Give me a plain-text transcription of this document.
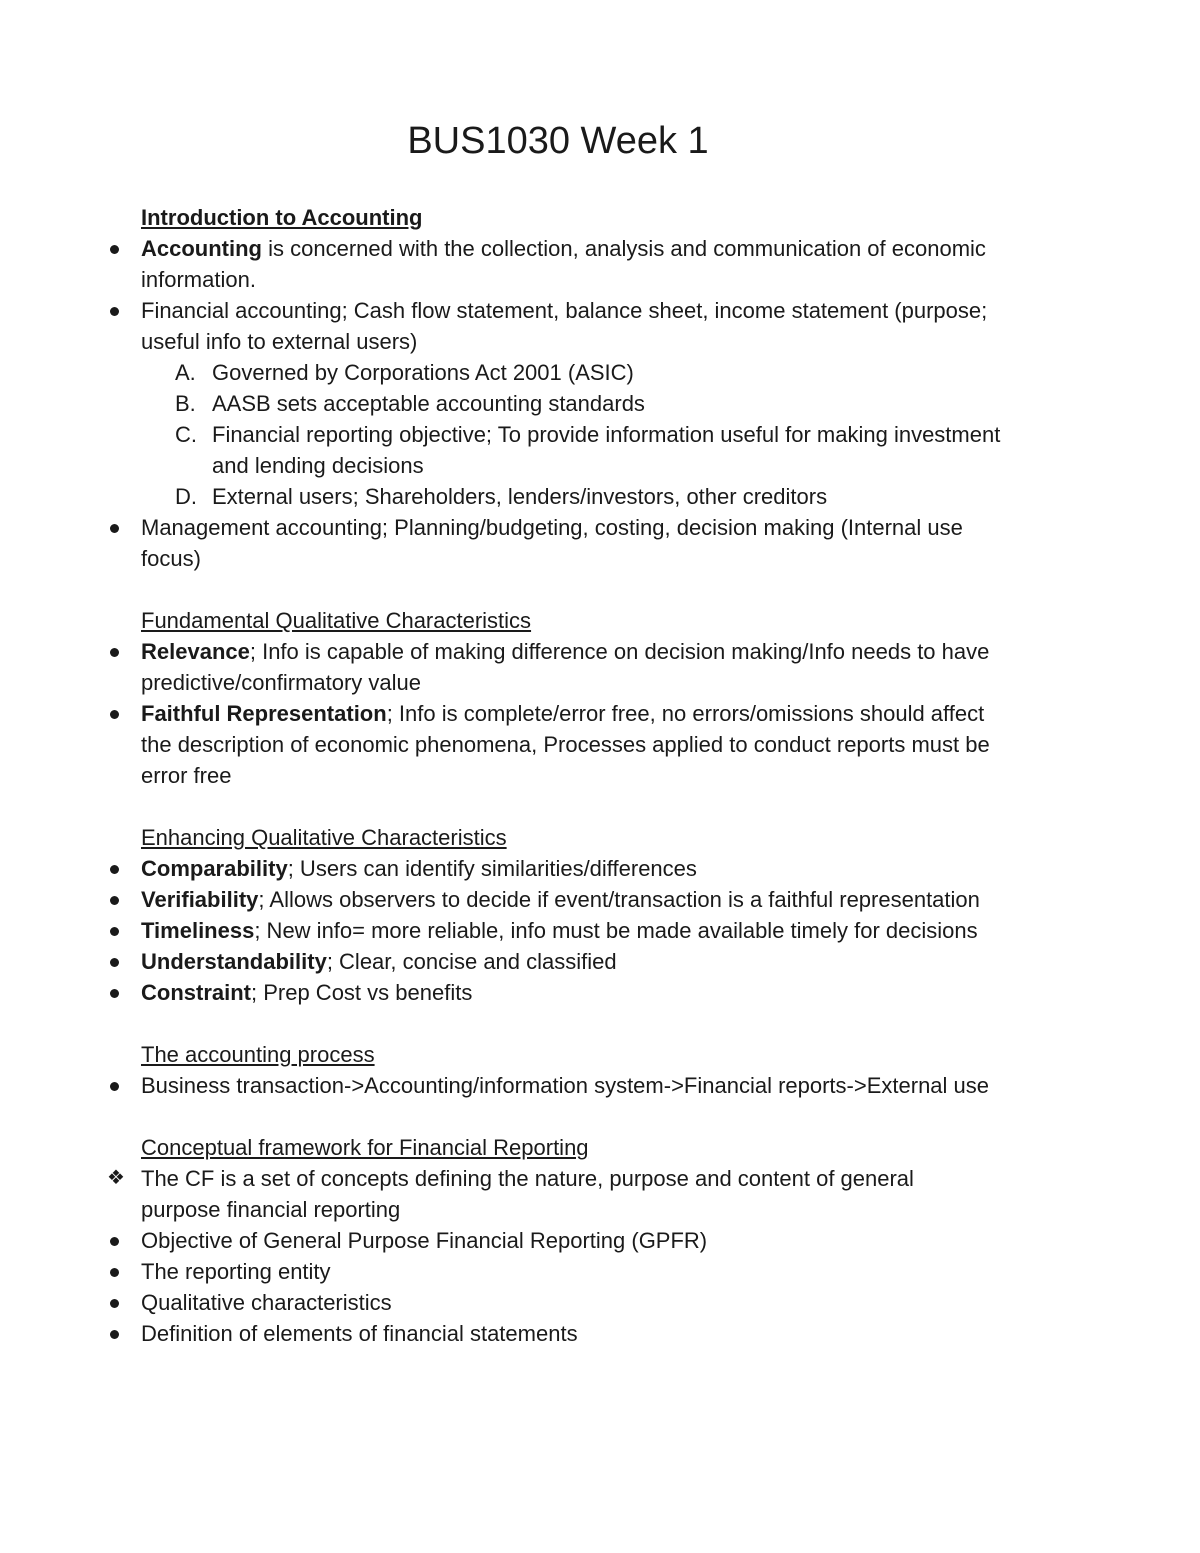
BUS1030 Week 1
Introduction to Accounting
Accounting is concerned with the collection, analysis and communication of economic
information.
Financial accounting; Cash flow statement, balance sheet, income statement (purpose;
useful info to external users)
A. Governed by Corporations Act 2001 (ASIC)
B. AASB sets acceptable accounting standards
C. Financial reporting objective; To provide information useful for making investment
and lending decisions
D. External users; Shareholders, lenders/investors, other creditors
Management accounting; Planning/budgeting, costing, decision making (Internal use
focus)
Fundamental Qualitative Characteristics
Relevance; Info is capable of making difference on decision making/Info needs to have
predictive/confirmatory value
Faithful Representation; Info is complete/error free, no errors/omissions should affect
the description of economic phenomena, Processes applied to conduct reports must be
error free
Enhancing Qualitative Characteristics
Comparability; Users can identify similarities/differences
Verifiability; Allows observers to decide if event/transaction is a faithful representation
Timeliness; New info= more reliable, info must be made available timely for decisions
Understandability; Clear, concise and classified
Constraint; Prep Cost vs benefits
The accounting process
Business transaction->Accounting/information system->Financial reports->External use
Conceptual framework for Financial Reporting
❖
The CF is a set of concepts defining the nature, purpose and content of general
purpose financial reporting
Objective of General Purpose Financial Reporting (GPFR)
The reporting entity
Qualitative characteristics
Definition of elements of financial statements
